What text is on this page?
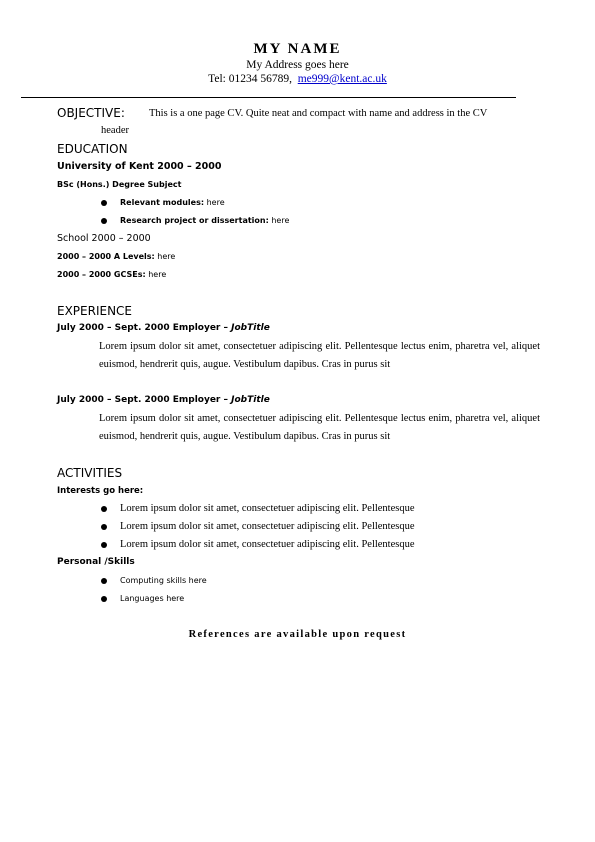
MY NAME
My Address goes here
Tel: 01234 56789, me999@kent.ac.uk
OBJECTIVE: This is a one page CV. Quite neat and compact with name and address in the CV
header
EDUCATION
University of Kent 2000 – 2000
BSc (Hons.) Degree Subject
Relevant modules: here
Research project or dissertation: here
School 2000 – 2000
2000 – 2000 A Levels: here
2000 – 2000 GCSEs: here
EXPERIENCE
July 2000 – Sept. 2000 Employer – JobTitle
Lorem ipsum dolor sit amet, consectetuer adipiscing elit. Pellentesque lectus enim, pharetra vel, aliquet euismod, hendrerit quis, augue. Vestibulum dapibus. Cras in purus sit
July 2000 – Sept. 2000 Employer – JobTitle
Lorem ipsum dolor sit amet, consectetuer adipiscing elit. Pellentesque lectus enim, pharetra vel, aliquet euismod, hendrerit quis, augue. Vestibulum dapibus. Cras in purus sit
ACTIVITIES
Interests go here:
Lorem ipsum dolor sit amet, consectetuer adipiscing elit. Pellentesque
Lorem ipsum dolor sit amet, consectetuer adipiscing elit. Pellentesque
Lorem ipsum dolor sit amet, consectetuer adipiscing elit. Pellentesque
Personal /Skills
Computing skills here
Languages here
References are available upon request
